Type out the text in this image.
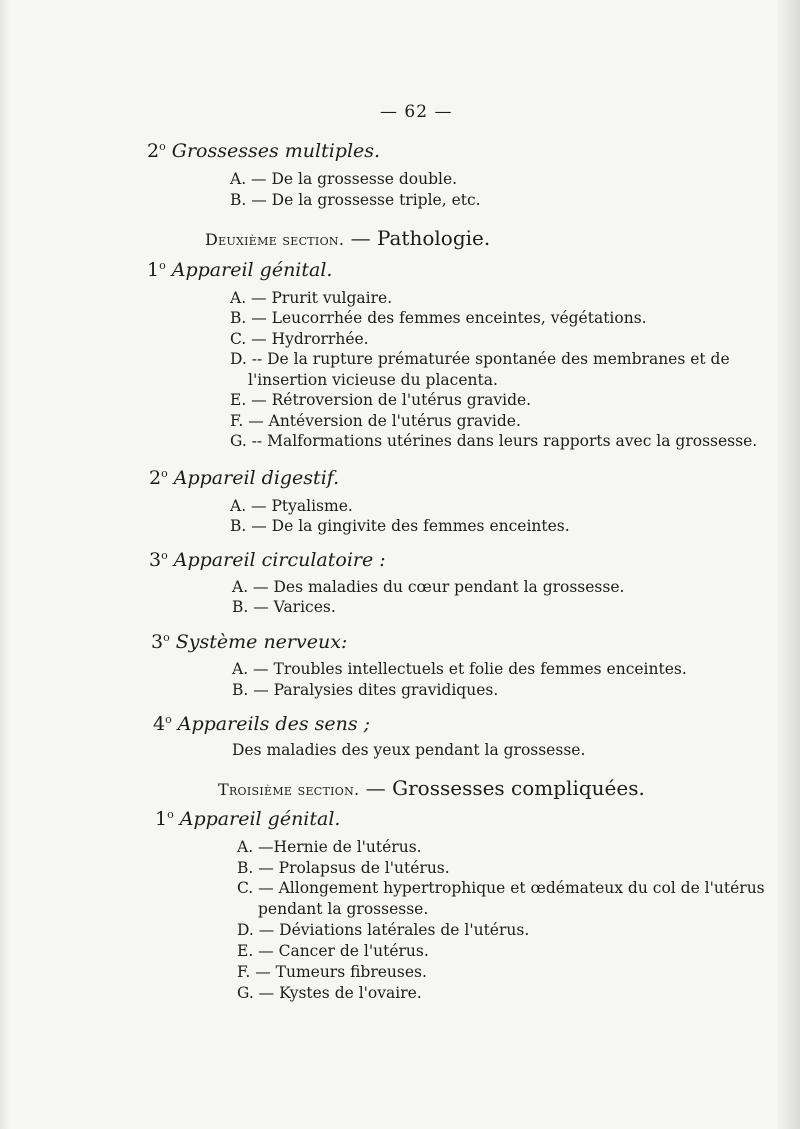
— 62 —
2$^o$ Grossesses multiples.
A. — De la grossesse double.
B. — De la grossesse triple, etc.
Deuxième section. — Pathologie.
1$^o$ Appareil génital.
A. — Prurit vulgaire.
B. — Leucorrhée des femmes enceintes, végétations.
C. — Hydrorrhée.
D. -- De la rupture prématurée spontanée des membranes et de
l'insertion vicieuse du placenta.
E. — Rétroversion de l'utérus gravide.
F. — Antéversion de l'utérus gravide.
G. -- Malformations utérines dans leurs rapports avec la grossesse.
2$^o$ Appareil digestif.
A. — Ptyalisme.
B. — De la gingivite des femmes enceintes.
3$^o$ Appareil circulatoire :
A. — Des maladies du cœur pendant la grossesse.
B. — Varices.
3$^o$ Système nerveux:
A. — Troubles intellectuels et folie des femmes enceintes.
B. — Paralysies dites gravidiques.
4$^o$ Appareils des sens ;
Des maladies des yeux pendant la grossesse.
Troisième section. — Grossesses compliquées.
1$^o$ Appareil génital.
A. —Hernie de l'utérus.
B. — Prolapsus de l'utérus.
C. — Allongement hypertrophique et œdémateux du col de l'utérus
pendant la grossesse.
D. — Déviations latérales de l'utérus.
E. — Cancer de l'utérus.
F. — Tumeurs fibreuses.
G. — Kystes de l'ovaire.
